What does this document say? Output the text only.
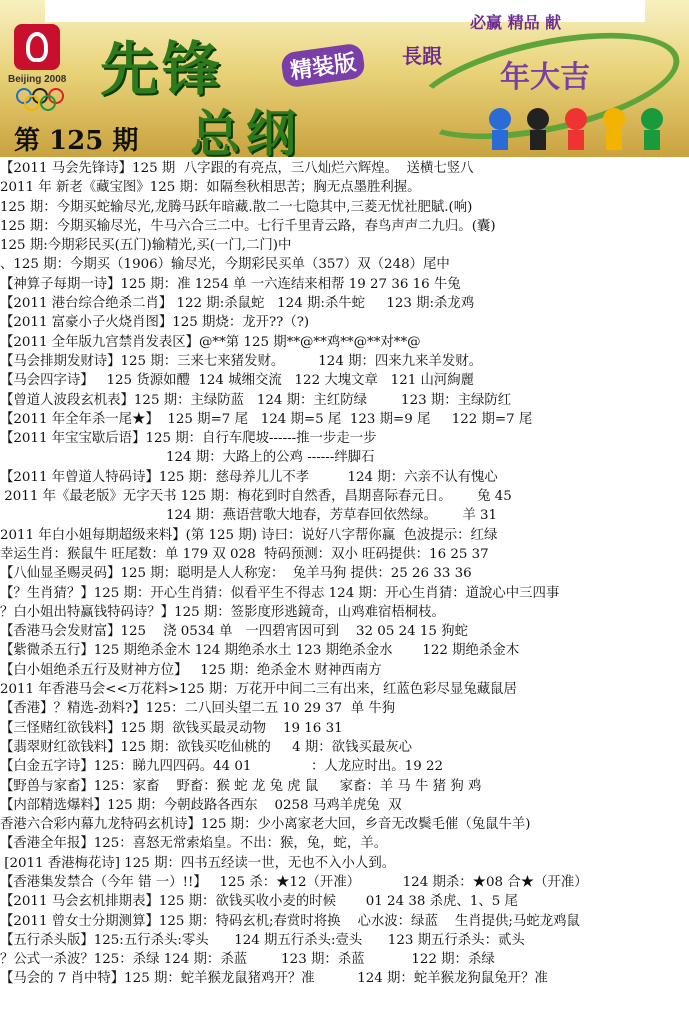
必赢 精品 献
Beijing 2008 先锋	精装版
总纲
第 125 期
長跟
年大吉
【2011 马会先锋诗】125 期  八字跟的有亮点，三八灿烂六辉煌。  送横七竖八
2011 年 新老《藏宝图》125 期：如隔叁秋相思苦；胸无点墨胜利握。
125 期：今期买蛇输尽光,龙腾马跃年暗藏.散二一七隐其中,三菱无忧社肥賦.(响)
125 期：今期买输尽光，牛马六合三二中。七行千里青云路，春鸟声声二九归。(囊)
125 期:今期彩民买(五门)输精光,买(一门,二门)中
、125 期：今期买（1906）输尽光，今期彩民买单（357）双（248）尾中
【神算子每期一诗】125 期：准 1254 单 一六连结来相帮 19 27 36 16 牛兔
【2011 港台综合绝杀二肖】 122 期:杀鼠蛇   124 期:杀牛蛇     123 期:杀龙鸡
【2011 富豪小子火烧肖图】125 期烧：龙开??（?)
【2011 全年版九宫禁肖发表区】@**第 125 期**@**鸡**@**对**@
【马会排期发财诗】125 期：三来七来猪发财。        124 期：四来九来羊发财。
【马会四字诗】   125 货源如醴  124 城缃交流   122 大塊文章   121 山河絢麗
【曾道人波段玄机表】125 期：主绿防蓝   124 期：主红防绿        123 期：主绿防红
【2011 年全年杀一尾★】  125 期=7 尾   124 期=5 尾  123 期=9 尾     122 期=7 尾
【2011 年宝宝歇后语】125 期：自行车爬坡------推一步走一步
124 期：大路上的公鸡 ------绊脚石
【2011 年曾道人特码诗】125 期：慈母养儿儿不孝         124 期：六亲不认有愧心
2011 年《最老版》无字天书 125 期：梅花到时自然香，昌期喜际春元日。      兔 45
124 期：燕语营歌大地春，芳草春回依然绿。      羊 31
2011 年白小姐每期超级来料】(第 125 期) 诗曰：说好八字帮你赢  色波提示：红绿
幸运生肖：猴鼠牛 旺尾数：单 179 双 028  特码预测：双小 旺码提供：16 25 37
【八仙显圣赐灵码】125 期：聪明是人人称宠：  兔羊马狗 提供：25 26 33 36
【？生肖猜？】125 期：开心生肖猜：似看平生不得志 124 期：开心生肖猜：道說心中三四事
？白小姐出特赢钱特码诗？】125 期：签影度形逃鏡奇，山鸡难宿梧桐枝。
【香港马会发财富】125    浇 0534 单   一四碧宵因可到    32 05 24 15 狗蛇
【紫微杀五行】125 期绝杀金木 124 期绝杀水土 123 期绝杀金水       122 期绝杀金木
【白小姐绝杀五行及财神方位】   125 期：绝杀金木 财神西南方
2011 年香港马会<<万花料>125 期：万花开中间二三有出来，红蓝色彩尽显兔藏鼠居
【香港】？精选-劲料?】125：二八回头望二五 10 29 37  单 牛狗
【三怪赌红欲钱料】125 期  欲钱买最灵动物    19 16 31
【翡翠财红欲钱料】125 期：欲钱买吃仙桃的     4 期：欲钱买最灰心
【白金五字诗】125：睇九四四码。44 01              ：人龙应时出。19 22
【野兽与家畜】125：家畜    野畜：猴 蛇 龙 兔 虎 鼠     家畜：羊 马 牛 猪 狗 鸡
【内部精选爆料】125 期：今朝歧路各西东    0258 马鸡羊虎兔  双
香港六合彩内幕九龙特码玄机诗】125 期：少小离家老大回，乡音无改鬓毛催（兔鼠牛羊)
【香港全年报】125：喜怒无常索焰皇。不出：猴，兔，蛇，羊。
[2011 香港梅花诗] 125 期：四书五经读一世，无也不入小人到。
【香港集发禁合（今年 错 一）!!】   125 杀：★12（开准）          124 期杀：★08 合★（开准）
【2011 马会玄机排期表】125 期：欲钱买收小麦的时候       01 24 38 杀虎、1、5 尾
【2011 曾女士分期测算】125 期：特码玄机;春赏时将换    心水波：绿蓝    生肖提供;马蛇龙鸡鼠
【五行杀头版】125:五行杀头:零头      124 期五行杀头:壹头      123 期五行杀头：贰头
？公式一杀波？125：杀绿 124 期：杀蓝        123 期：杀蓝           122 期：杀绿
【马会的 7 肖中特】125 期：蛇羊猴龙鼠猪鸡开？准          124 期：蛇羊猴龙狗鼠兔开？准
